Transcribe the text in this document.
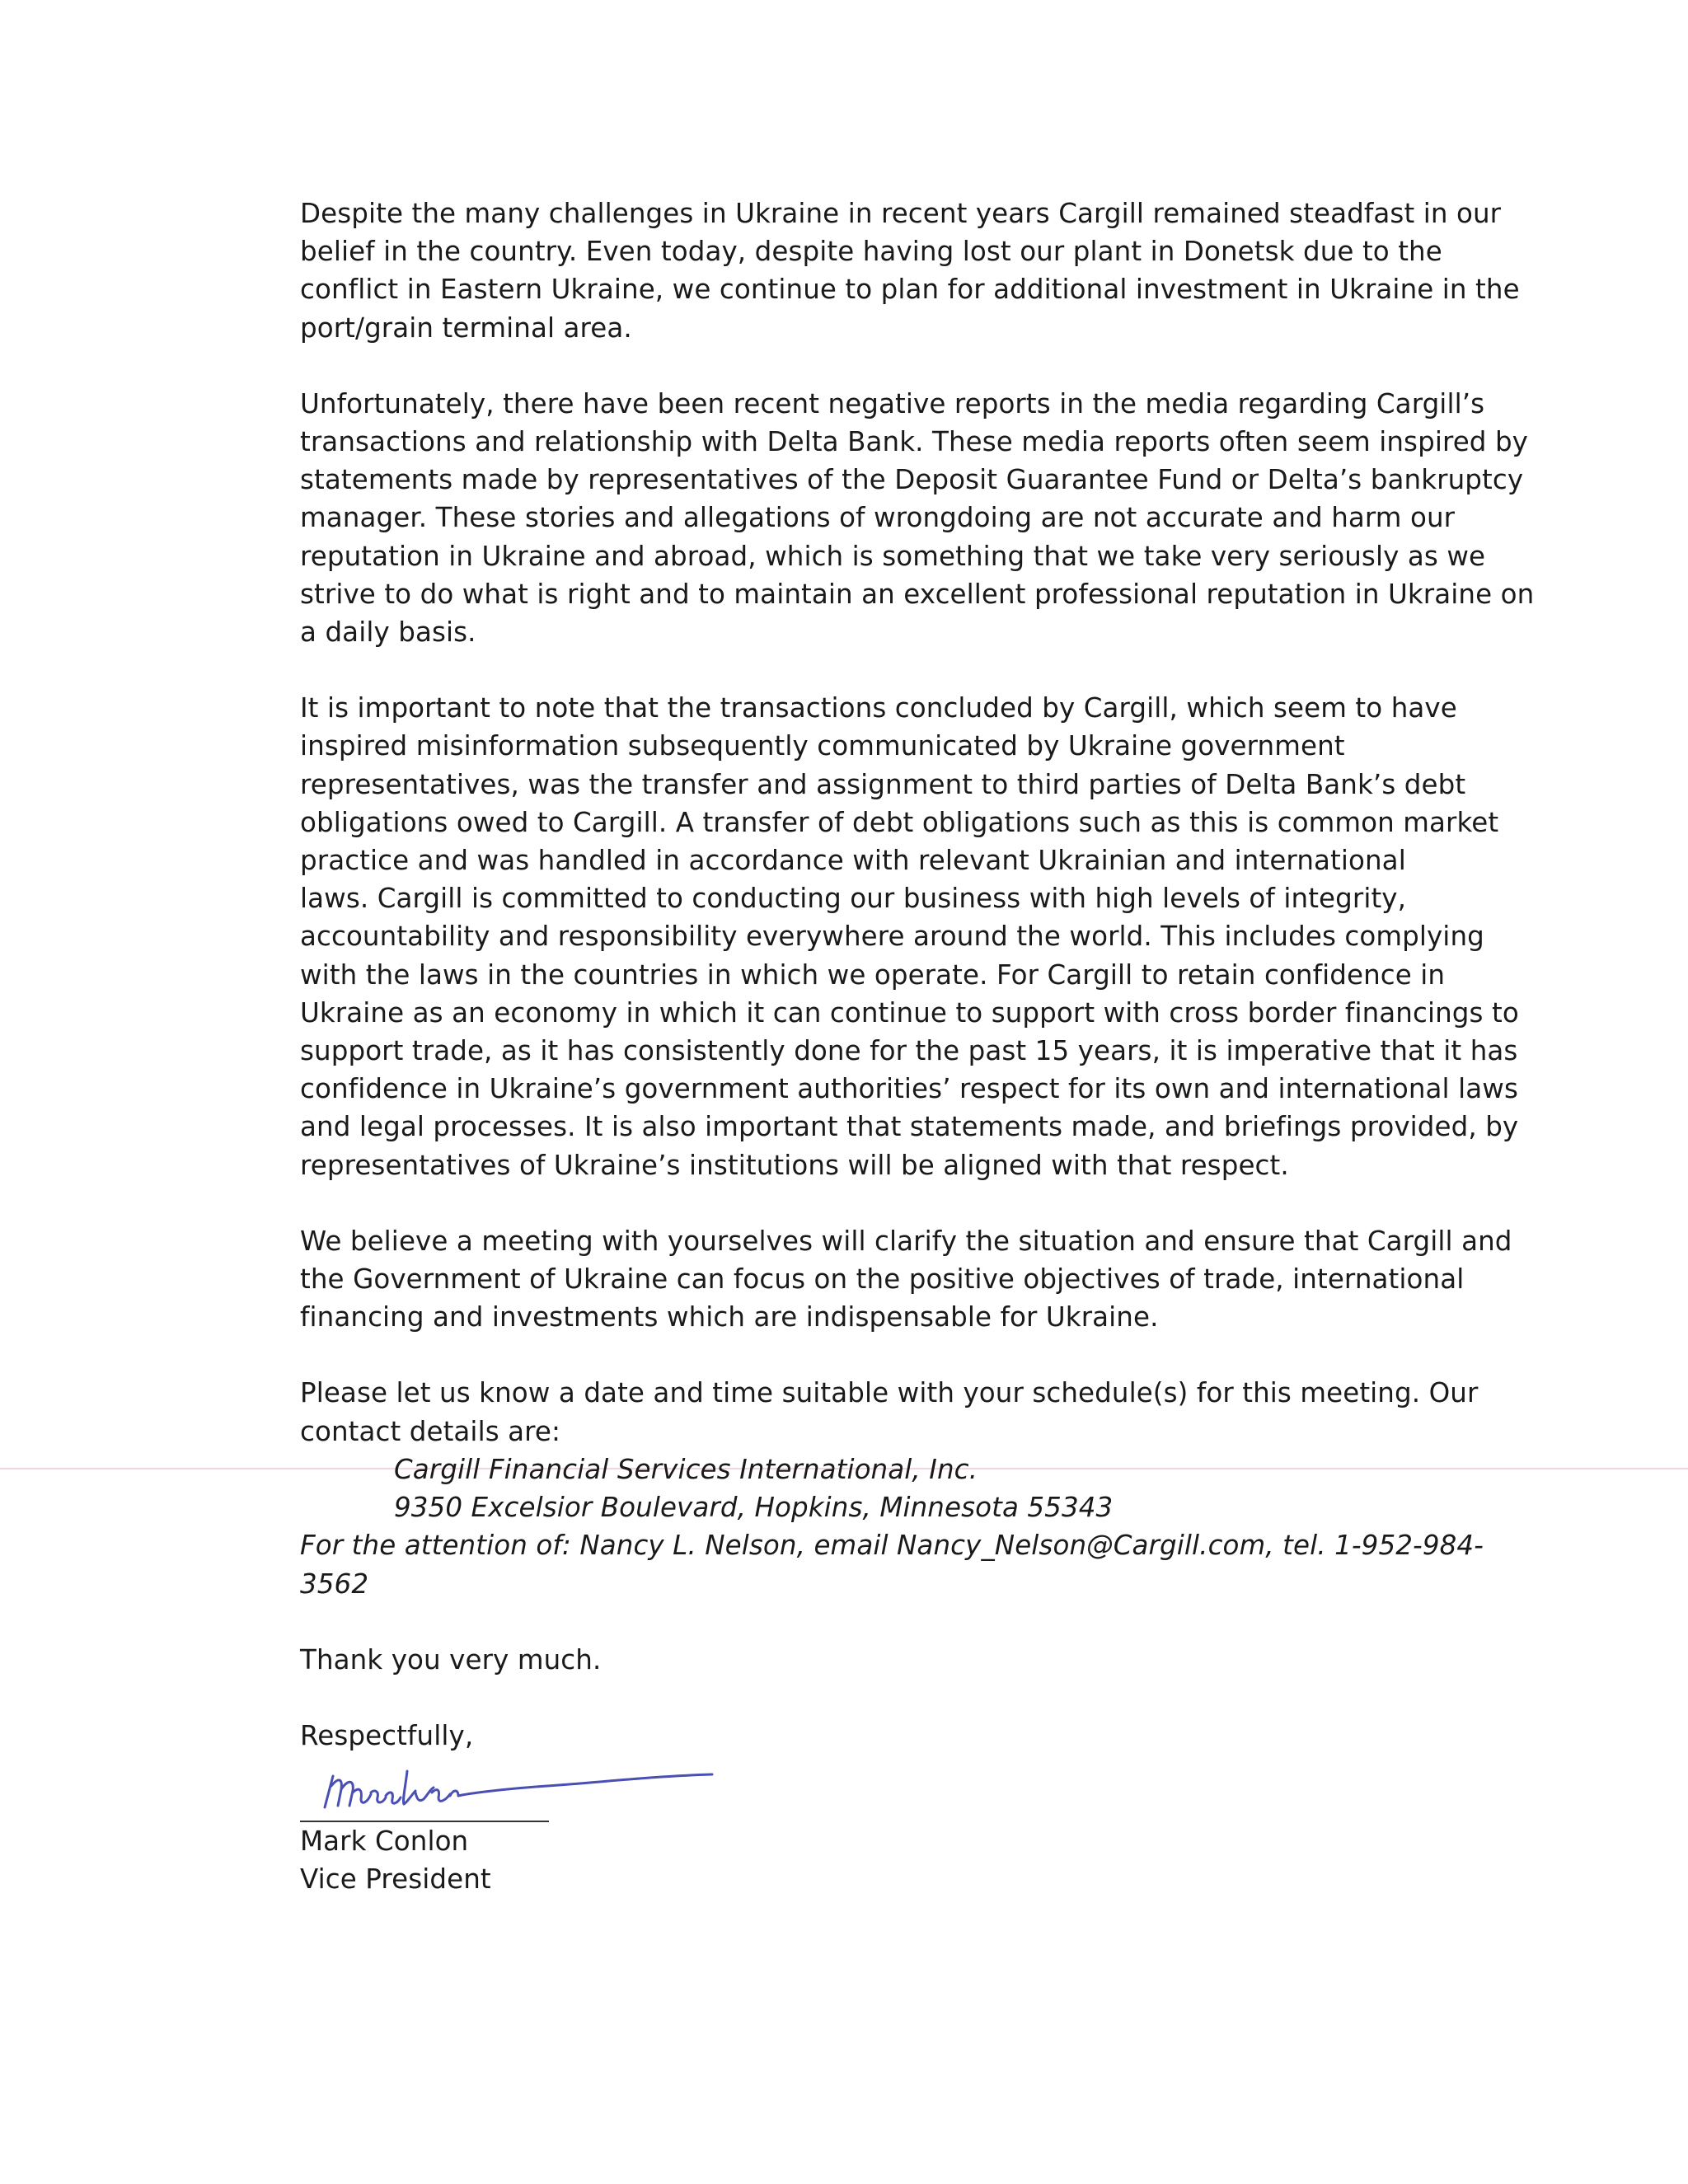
Despite the many challenges in Ukraine in recent years Cargill remained steadfast in our
belief in the country. Even today, despite having lost our plant in Donetsk due to the
conflict in Eastern Ukraine, we continue to plan for additional investment in Ukraine in the
port/grain terminal area.
Unfortunately, there have been recent negative reports in the media regarding Cargill’s
transactions and relationship with Delta Bank. These media reports often seem inspired by
statements made by representatives of the Deposit Guarantee Fund or Delta’s bankruptcy
manager. These stories and allegations of wrongdoing are not accurate and harm our
reputation in Ukraine and abroad, which is something that we take very seriously as we
strive to do what is right and to maintain an excellent professional reputation in Ukraine on
a daily basis.
It is important to note that the transactions concluded by Cargill, which seem to have
inspired misinformation subsequently communicated by Ukraine government
representatives, was the transfer and assignment to third parties of Delta Bank’s debt
obligations owed to Cargill. A transfer of debt obligations such as this is common market
practice and was handled in accordance with relevant Ukrainian and international
laws. Cargill is committed to conducting our business with high levels of integrity,
accountability and responsibility everywhere around the world. This includes complying
with the laws in the countries in which we operate. For Cargill to retain confidence in
Ukraine as an economy in which it can continue to support with cross border financings to
support trade, as it has consistently done for the past 15 years, it is imperative that it has
confidence in Ukraine’s government authorities’ respect for its own and international laws
and legal processes. It is also important that statements made, and briefings provided, by
representatives of Ukraine’s institutions will be aligned with that respect.
We believe a meeting with yourselves will clarify the situation and ensure that Cargill and
the Government of Ukraine can focus on the positive objectives of trade, international
financing and investments which are indispensable for Ukraine.
Please let us know a date and time suitable with your schedule(s) for this meeting. Our
contact details are:
Cargill Financial Services International, Inc.
9350 Excelsior Boulevard, Hopkins, Minnesota 55343
For the attention of: Nancy L. Nelson, email Nancy_Nelson@Cargill.com, tel. 1-952-984-
3562

Thank you very much.

Respectfully,

Mark Conlon

Vice President
